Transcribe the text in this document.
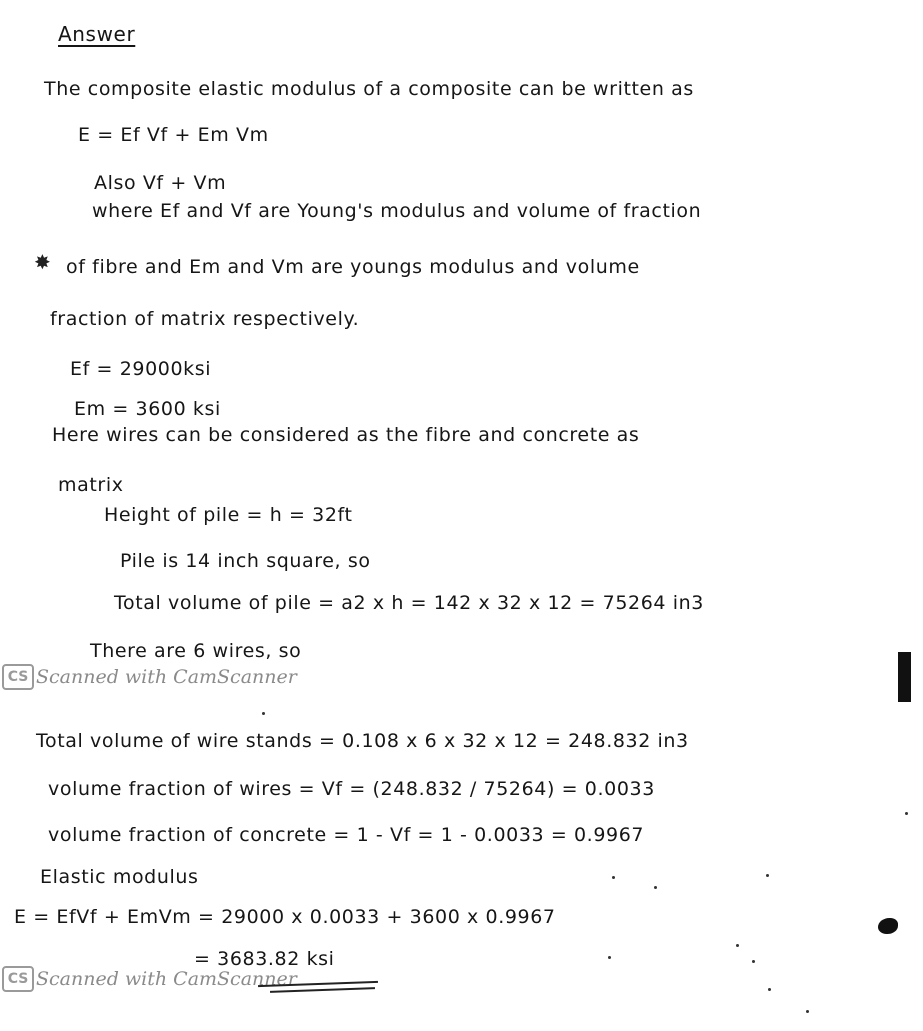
Answer
The composite elastic modulus of a composite can be written as
E = Ef Vf + Em Vm
Also Vf + Vm
where Ef and Vf are Young's modulus and volume of fraction
of fibre and Em and Vm are youngs modulus and volume
fraction of matrix respectively.
Ef = 29000ksi
Em = 3600 ksi
Here wires can be considered as the fibre and concrete as
matrix
Height of pile = h = 32ft
Pile is 14 inch square, so
Total volume of pile = a2 x h = 142 x 32 x 12 = 75264 in3
There are 6 wires, so
CS Scanned with CamScanner
Total volume of wire stands = 0.108 x 6 x 32 x 12 = 248.832 in3
volume fraction of wires = Vf = (248.832 / 75264) = 0.0033
volume fraction of concrete = 1 - Vf = 1 - 0.0033 = 0.9967
Elastic modulus
E = EfVf + EmVm = 29000 x 0.0033 + 3600 x 0.9967
= 3683.82 ksi
CS Scanned with CamScanner
✸
